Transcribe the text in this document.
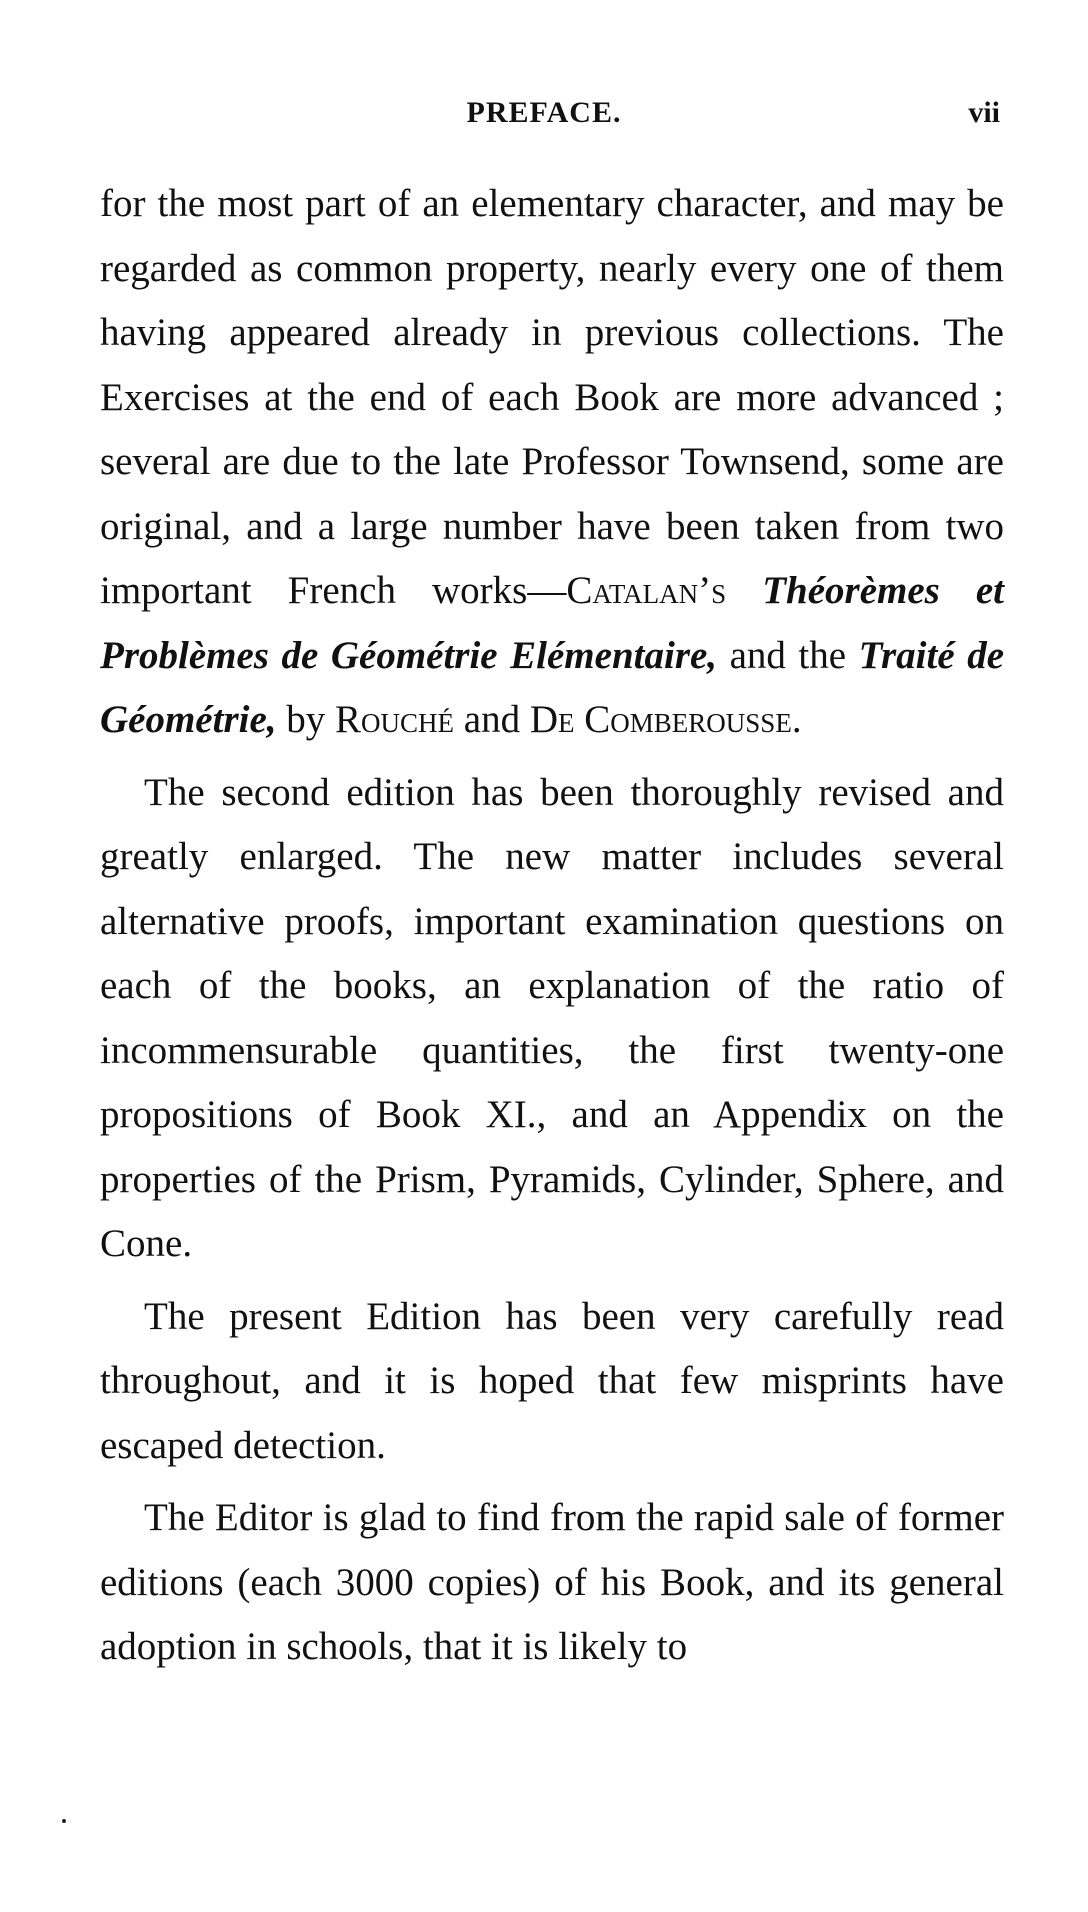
PREFACE.	vii

for the most part of an elementary character, and may be regarded as common property, nearly every one of them having appeared already in previous collections. The Exercises at the end of each Book are more advanced ; several are due to the late Professor Townsend, some are original, and a large number have been taken from two important French works—Catalan’s Théorèmes et Problèmes de Géométrie Elémentaire, and the Traité de Géométrie, by Rouché and De Comberousse.

The second edition has been thoroughly revised and greatly enlarged. The new matter includes several alternative proofs, important examination questions on each of the books, an explanation of the ratio of incommensurable quantities, the first twenty-one propositions of Book XI., and an Appendix on the properties of the Prism, Pyramids, Cylinder, Sphere, and Cone.

The present Edition has been very carefully read throughout, and it is hoped that few misprints have escaped detection.

The Editor is glad to find from the rapid sale of former editions (each 3000 copies) of his Book, and its general adoption in schools, that it is likely to
